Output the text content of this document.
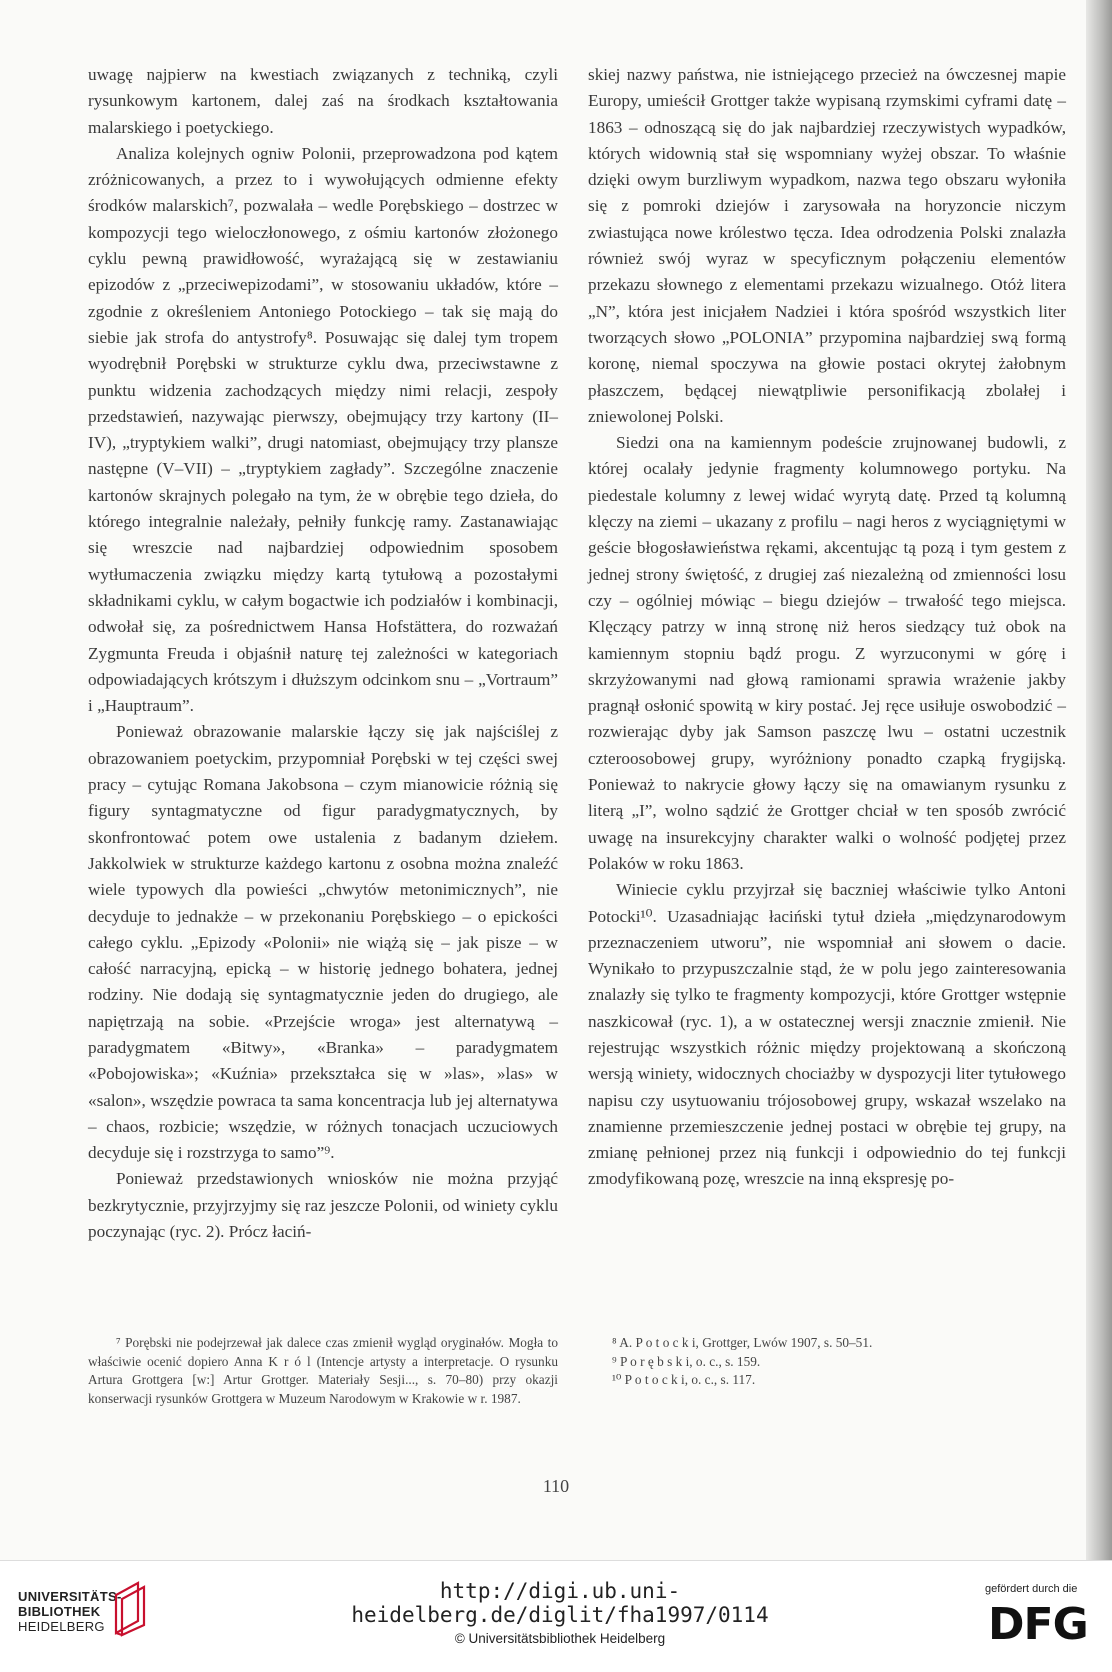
uwagę najpierw na kwestiach związanych z techniką, czyli rysunkowym kartonem, dalej zaś na środkach kształtowania malarskiego i poetyckiego.

Analiza kolejnych ogniw Polonii, przeprowadzona pod kątem zróżnicowanych, a przez to i wywołujących odmienne efekty środków malarskich⁷, pozwalała – wedle Porębskiego – dostrzec w kompozycji tego wieloczłonowego, z ośmiu kartonów złożonego cyklu pewną prawidłowość, wyrażającą się w zestawianiu epizodów z „przeciwepizodami”, w stosowaniu układów, które – zgodnie z określeniem Antoniego Potockiego – tak się mają do siebie jak strofa do antystrofy⁸. Posuwając się dalej tym tropem wyodrębnił Porębski w strukturze cyklu dwa, przeciwstawne z punktu widzenia zachodzących między nimi relacji, zespoły przedstawień, nazywając pierwszy, obejmujący trzy kartony (II–IV), „tryptykiem walki”, drugi natomiast, obejmujący trzy plansze następne (V–VII) – „tryptykiem zagłady”. Szczególne znaczenie kartonów skrajnych polegało na tym, że w obrębie tego dzieła, do którego integralnie należały, pełniły funkcję ramy. Zastanawiając się wreszcie nad najbardziej odpowiednim sposobem wytłumaczenia związku między kartą tytułową a pozostałymi składnikami cyklu, w całym bogactwie ich podziałów i kombinacji, odwołał się, za pośrednictwem Hansa Hofstättera, do rozważań Zygmunta Freuda i objaśnił naturę tej zależności w kategoriach odpowiadających krótszym i dłuższym odcinkom snu – „Vortraum” i „Hauptraum”.

Ponieważ obrazowanie malarskie łączy się jak najściślej z obrazowaniem poetyckim, przypomniał Porębski w tej części swej pracy – cytując Romana Jakobsona – czym mianowicie różnią się figury syntagmatyczne od figur paradygmatycznych, by skonfrontować potem owe ustalenia z badanym dziełem. Jakkolwiek w strukturze każdego kartonu z osobna można znaleźć wiele typowych dla powieści „chwytów metonimicznych”, nie decyduje to jednakże – w przekonaniu Porębskiego – o epickości całego cyklu. „Epizody «Polonii» nie wiążą się – jak pisze – w całość narracyjną, epicką – w historię jednego bohatera, jednej rodziny. Nie dodają się syntagmatycznie jeden do drugiego, ale napiętrzają na sobie. «Przejście wroga» jest alternatywą – paradygmatem «Bitwy», «Branka» – paradygmatem «Pobojowiska»; «Kuźnia» przekształca się w »las», »las» w «salon», wszędzie powraca ta sama koncentracja lub jej alternatywa – chaos, rozbicie; wszędzie, w różnych tonacjach uczuciowych decyduje się i rozstrzyga to samo”⁹.

Ponieważ przedstawionych wniosków nie można przyjąć bezkrytycznie, przyjrzyjmy się raz jeszcze Polonii, od winiety cyklu poczynając (ryc. 2). Prócz łaciń-

skiej nazwy państwa, nie istniejącego przecież na ówczesnej mapie Europy, umieścił Grottger także wypisaną rzymskimi cyframi datę – 1863 – odnoszącą się do jak najbardziej rzeczywistych wypadków, których widownią stał się wspomniany wyżej obszar. To właśnie dzięki owym burzliwym wypadkom, nazwa tego obszaru wyłoniła się z pomroki dziejów i zarysowała na horyzoncie niczym zwiastująca nowe królestwo tęcza. Idea odrodzenia Polski znalazła również swój wyraz w specyficznym połączeniu elementów przekazu słownego z elementami przekazu wizualnego. Otóż litera „N”, która jest inicjałem Nadziei i która spośród wszystkich liter tworzących słowo „POLONIA” przypomina najbardziej swą formą koronę, niemal spoczywa na głowie postaci okrytej żałobnym płaszczem, będącej niewątpliwie personifikacją zbolałej i zniewolonej Polski.

Siedzi ona na kamiennym podeście zrujnowanej budowli, z której ocalały jedynie fragmenty kolumnowego portyku. Na piedestale kolumny z lewej widać wyrytą datę. Przed tą kolumną klęczy na ziemi – ukazany z profilu – nagi heros z wyciągniętymi w geście błogosławieństwa rękami, akcentując tą pozą i tym gestem z jednej strony świętość, z drugiej zaś niezależną od zmienności losu czy – ogólniej mówiąc – biegu dziejów – trwałość tego miejsca. Klęczący patrzy w inną stronę niż heros siedzący tuż obok na kamiennym stopniu bądź progu. Z wyrzuconymi w górę i skrzyżowanymi nad głową ramionami sprawia wrażenie jakby pragnął osłonić spowitą w kiry postać. Jej ręce usiłuje oswobodzić – rozwierając dyby jak Samson paszczę lwu – ostatni uczestnik czteroosobowej grupy, wyróżniony ponadto czapką frygijską. Ponieważ to nakrycie głowy łączy się na omawianym rysunku z literą „I”, wolno sądzić że Grottger chciał w ten sposób zwrócić uwagę na insurekcyjny charakter walki o wolność podjętej przez Polaków w roku 1863.

Winiecie cyklu przyjrzał się baczniej właściwie tylko Antoni Potocki¹⁰. Uzasadniając łaciński tytuł dzieła „międzynarodowym przeznaczeniem utworu”, nie wspomniał ani słowem o dacie. Wynikało to przypuszczalnie stąd, że w polu jego zainteresowania znalazły się tylko te fragmenty kompozycji, które Grottger wstępnie naszkicował (ryc. 1), a w ostatecznej wersji znacznie zmienił. Nie rejestrując wszystkich różnic między projektowaną a skończoną wersją winiety, widocznych chociażby w dyspozycji liter tytułowego napisu czy usytuowaniu trójosobowej grupy, wskazał wszelako na znamienne przemieszczenie jednej postaci w obrębie tej grupy, na zmianę pełnionej przez nią funkcji i odpowiednio do tej funkcji zmodyfikowaną pozę, wreszcie na inną ekspresję po-

⁷ Porębski nie podejrzewał jak dalece czas zmienił wygląd oryginałów. Mogła to właściwie ocenić dopiero Anna K r ó l (Intencje artysty a interpretacje. O rysunku Artura Grottgera [w:] Artur Grottger. Materiały Sesji..., s. 70–80) przy okazji konserwacji rysunków Grottgera w Muzeum Narodowym w Krakowie w r. 1987.

⁸ A. P o t o c k i, Grottger, Lwów 1907, s. 50–51.

⁹ P o r ę b s k i, o. c., s. 159.

¹⁰ P o t o c k i, o. c., s. 117.

110
UNIVERSITÄTS-
BIBLIOTHEK
HEIDELBERG
http://digi.ub.uni-heidelberg.de/diglit/fha1997/0114
© Universitätsbibliothek Heidelberg
gefördert durch die
DFG
